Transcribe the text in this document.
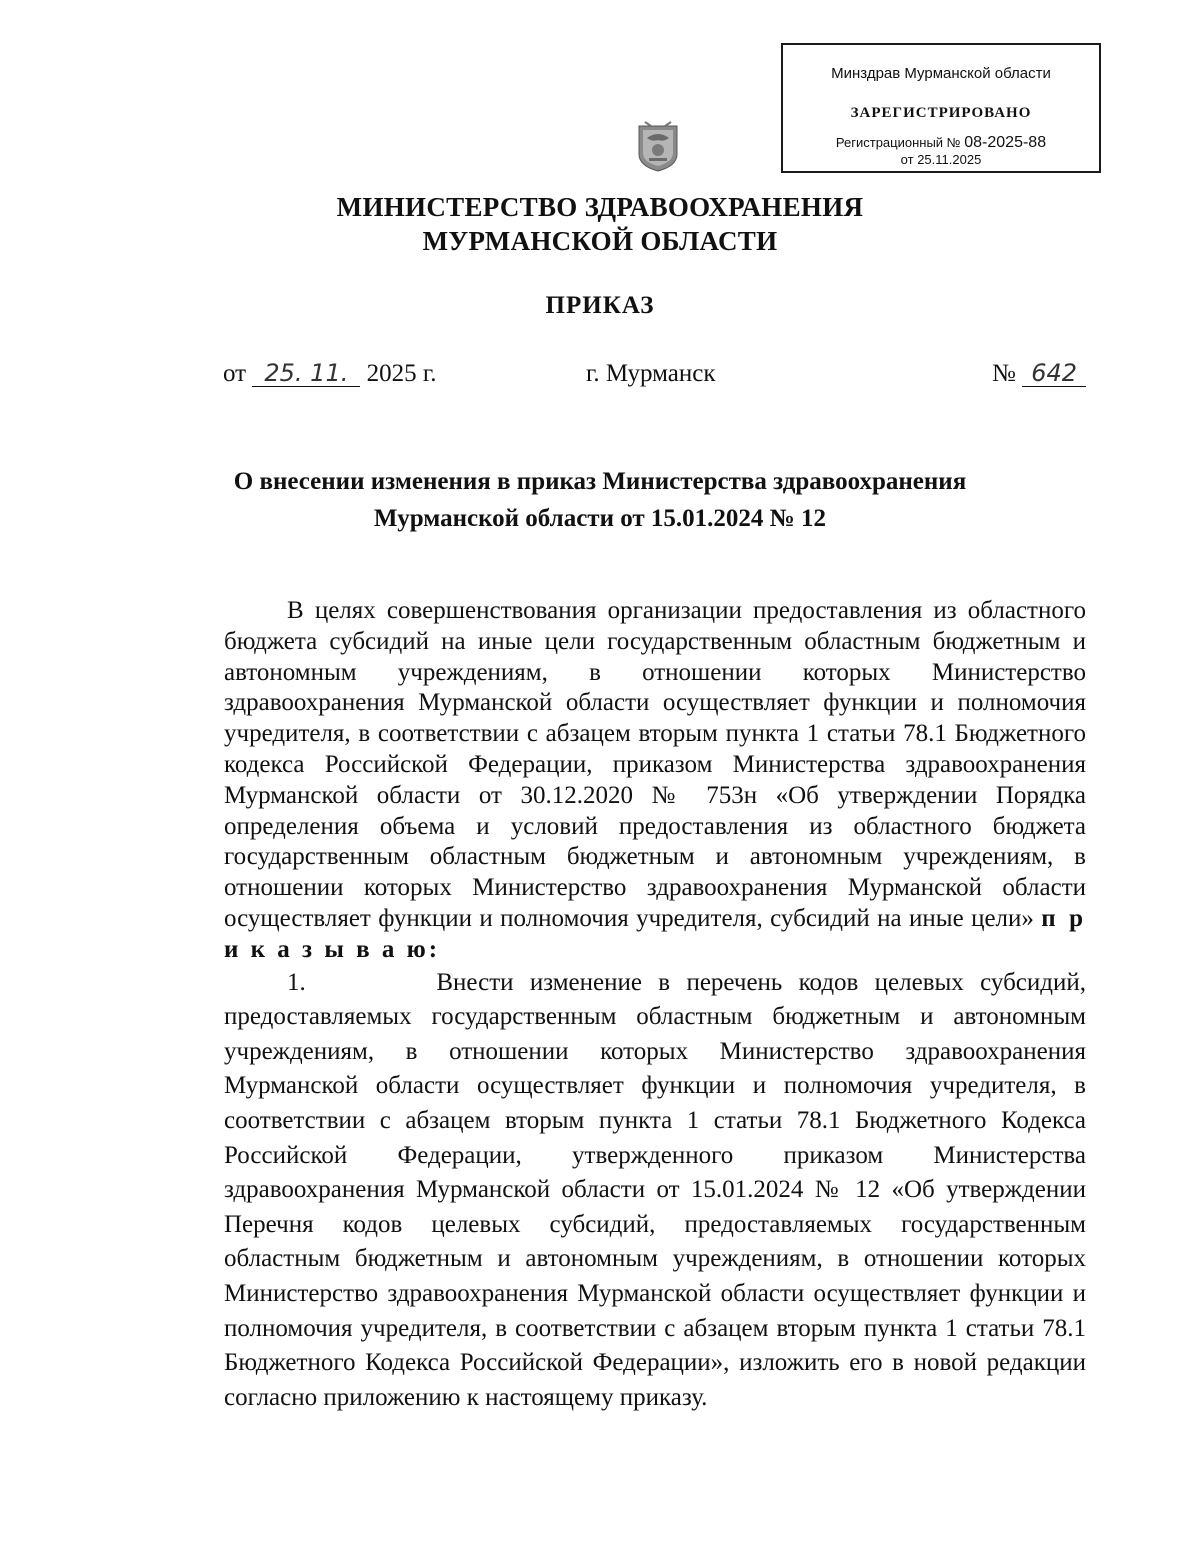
Минздрав Мурманской области
ЗАРЕГИСТРИРОВАНО
Регистрационный № 08-2025-88
от 25.11.2025
МИНИСТЕРСТВО ЗДРАВООХРАНЕНИЯ
МУРМАНСКОЙ ОБЛАСТИ
ПРИКАЗ
от 25. 11. 2025 г.	г. Мурманск	№ 642
О внесении изменения в приказ Министерства здравоохранения
Мурманской области от 15.01.2024 № 12

В целях совершенствования организации предоставления из областного бюджета субсидий на иные цели государственным областным бюджетным и автономным учреждениям, в отношении которых Министерство здравоохранения Мурманской области осуществляет функции и полномочия учредителя, в соответствии с абзацем вторым пункта 1 статьи 78.1 Бюджетного кодекса Российской Федерации, приказом Министерства здравоохранения Мурманской области от 30.12.2020 № 753н «Об утверждении Порядка определения объема и условий предоставления из областного бюджета государственным областным бюджетным и автономным учреждениям, в отношении которых Министерство здравоохранения Мурманской области осуществляет функции и полномочия учредителя, субсидий на иные цели» п р и к а з ы в а ю:

1.	Внести изменение в перечень кодов целевых субсидий, предоставляемых государственным областным бюджетным и автономным учреждениям, в отношении которых Министерство здравоохранения Мурманской области осуществляет функции и полномочия учредителя, в соответствии с абзацем вторым пункта 1 статьи 78.1 Бюджетного Кодекса Российской Федерации, утвержденного приказом Министерства здравоохранения Мурманской области от 15.01.2024 № 12 «Об утверждении Перечня кодов целевых субсидий, предоставляемых государственным областным бюджетным и автономным учреждениям, в отношении которых Министерство здравоохранения Мурманской области осуществляет функции и полномочия учредителя, в соответствии с абзацем вторым пункта 1 статьи 78.1 Бюджетного Кодекса Российской Федерации», изложить его в новой редакции согласно приложению к настоящему приказу.
